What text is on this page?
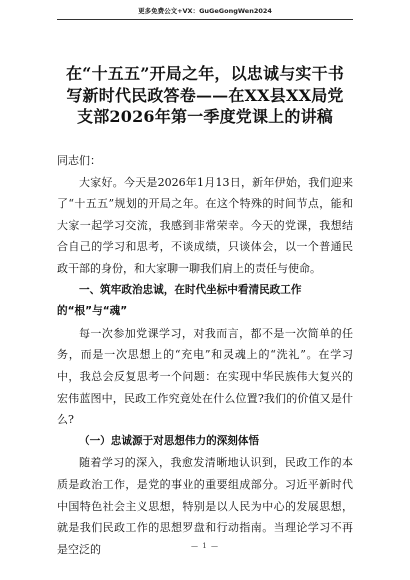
更多免费公文+VX：GuGeGongWen2024
在“十五五”开局之年，以忠诚与实干书
写新时代民政答卷——在XX县XX局党
支部2026年第一季度党课上的讲稿

同志们：

大家好。今天是2026年1月13日，新年伊始，我们迎来了“十五五”规划的开局之年。在这个特殊的时间节点，能和大家一起学习交流，我感到非常荣幸。今天的党课，我想结合自己的学习和思考，不谈成绩，只谈体会，以一个普通民政干部的身份，和大家聊一聊我们肩上的责任与使命。

一、筑牢政治忠诚，在时代坐标中看清民政工作的“根”与“魂”

每一次参加党课学习，对我而言，都不是一次简单的任务，而是一次思想上的“充电”和灵魂上的“洗礼”。在学习中，我总会反复思考一个问题：在实现中华民族伟大复兴的宏伟蓝图中，民政工作究竟处在什么位置?我们的价值又是什么?

（一）忠诚源于对思想伟力的深刻体悟

随着学习的深入，我愈发清晰地认识到，民政工作的本质是政治工作，是党的事业的重要组成部分。习近平新时代中国特色社会主义思想，特别是以人民为中心的发展思想，就是我们民政工作的思想罗盘和行动指南。当理论学习不再是空泛的	— 1 —
